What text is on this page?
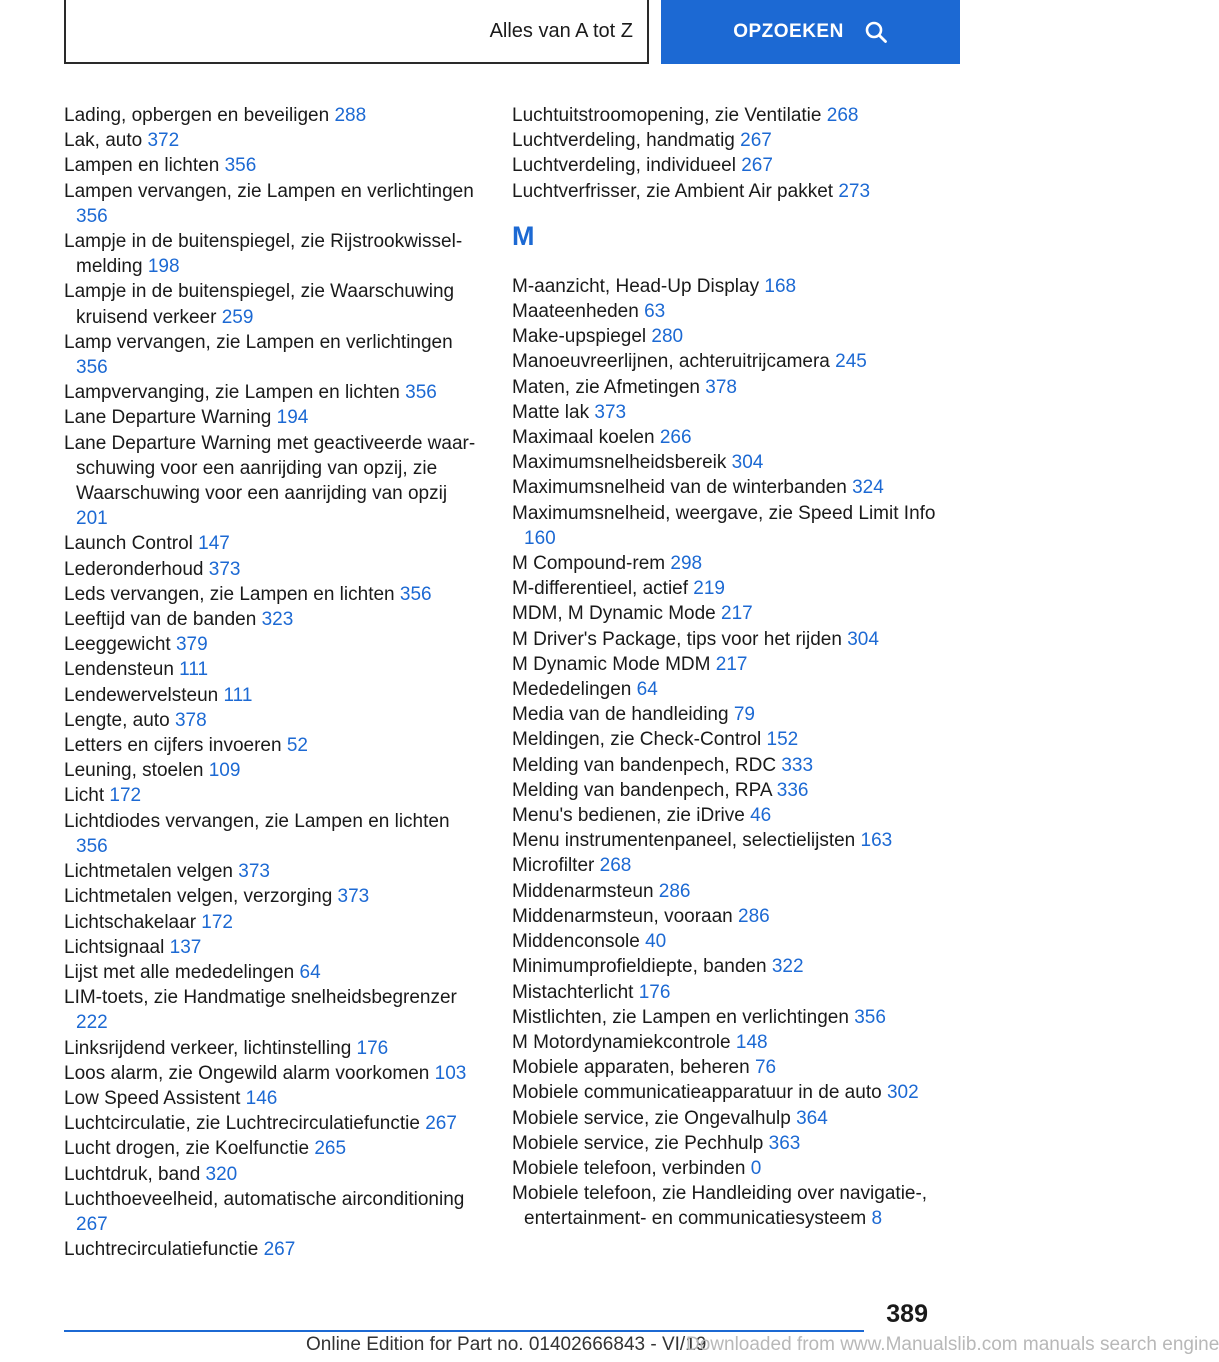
Alles van A tot Z	OPZOEKEN
Lading, opbergen en beveiligen 288
Lak, auto 372
Lampen en lichten 356
Lampen vervangen, zie Lampen en verlichtingen 356
Lampje in de buitenspiegel, zie Rijstrookwisselmelding 198
Lampje in de buitenspiegel, zie Waarschuwing kruisend verkeer 259
Lamp vervangen, zie Lampen en verlichtingen 356
Lampvervanging, zie Lampen en lichten 356
Lane Departure Warning 194
Lane Departure Warning met geactiveerde waarschuwing voor een aanrijding van opzij, zie Waarschuwing voor een aanrijding van opzij 201
Launch Control 147
Lederonderhoud 373
Leds vervangen, zie Lampen en lichten 356
Leeftijd van de banden 323
Leeggewicht 379
Lendensteun 111
Lendewervelsteun 111
Lengte, auto 378
Letters en cijfers invoeren 52
Leuning, stoelen 109
Licht 172
Lichtdiodes vervangen, zie Lampen en lichten 356
Lichtmetalen velgen 373
Lichtmetalen velgen, verzorging 373
Lichtschakelaar 172
Lichtsignaal 137
Lijst met alle mededelingen 64
LIM-toets, zie Handmatige snelheidsbegrenzer 222
Linksrijdend verkeer, lichtinstelling 176
Loos alarm, zie Ongewild alarm voorkomen 103
Low Speed Assistent 146
Luchtcirculatie, zie Luchtrecirculatiefunctie 267
Lucht drogen, zie Koelfunctie 265
Luchtdruk, band 320
Luchthoeveelheid, automatische airconditioning 267
Luchtrecirculatiefunctie 267
Luchtuitstroomopening, zie Ventilatie 268
Luchtverdeling, handmatig 267
Luchtverdeling, individueel 267
Luchtverfrisser, zie Ambient Air pakket 273
M
M-aanzicht, Head-Up Display 168
Maateenheden 63
Make-upspiegel 280
Manoeuvreerlijnen, achteruitrijcamera 245
Maten, zie Afmetingen 378
Matte lak 373
Maximaal koelen 266
Maximumsnelheidsbereik 304
Maximumsnelheid van de winterbanden 324
Maximumsnelheid, weergave, zie Speed Limit Info 160
M Compound-rem 298
M-differentieel, actief 219
MDM, M Dynamic Mode 217
M Driver's Package, tips voor het rijden 304
M Dynamic Mode MDM 217
Mededelingen 64
Media van de handleiding 79
Meldingen, zie Check-Control 152
Melding van bandenpech, RDC 333
Melding van bandenpech, RPA 336
Menu's bedienen, zie iDrive 46
Menu instrumentenpaneel, selectielijsten 163
Microfilter 268
Middenarmsteun 286
Middenarmsteun, vooraan 286
Middenconsole 40
Minimumprofieldiepte, banden 322
Mistachterlicht 176
Mistlichten, zie Lampen en verlichtingen 356
M Motordynamiekcontrole 148
Mobiele apparaten, beheren 76
Mobiele communicatieapparatuur in de auto 302
Mobiele service, zie Ongevalhulp 364
Mobiele service, zie Pechhulp 363
Mobiele telefoon, verbinden 0
Mobiele telefoon, zie Handleiding over navigatie-, entertainment- en communicatiesysteem 8
389
Online Edition for Part no. 01402666843 - VI/19
Downloaded from www.Manualslib.com manuals search engine
